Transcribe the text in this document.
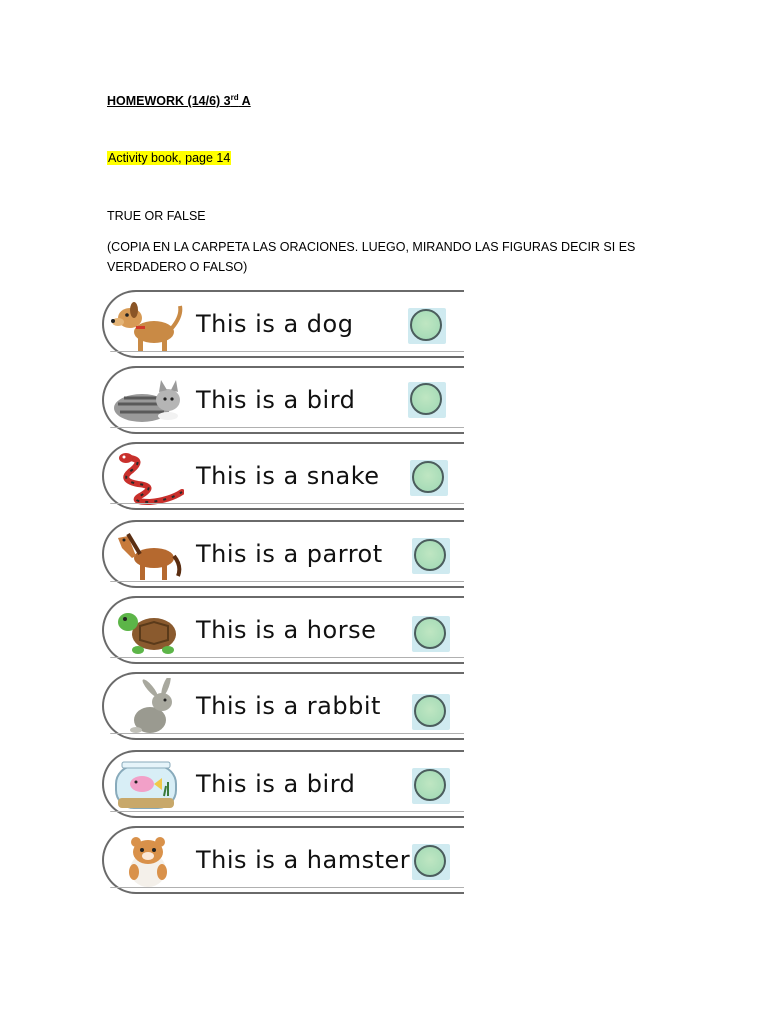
HOMEWORK (14/6) 3rd A
Activity book, page 14
TRUE OR FALSE
(COPIA EN LA CARPETA LAS ORACIONES. LUEGO, MIRANDO LAS FIGURAS DECIR SI ES VERDADERO O FALSO)
This is a dog
This is a bird
This is a snake
This is a parrot
This is a horse
This is a rabbit
This is a bird
This is a hamster
